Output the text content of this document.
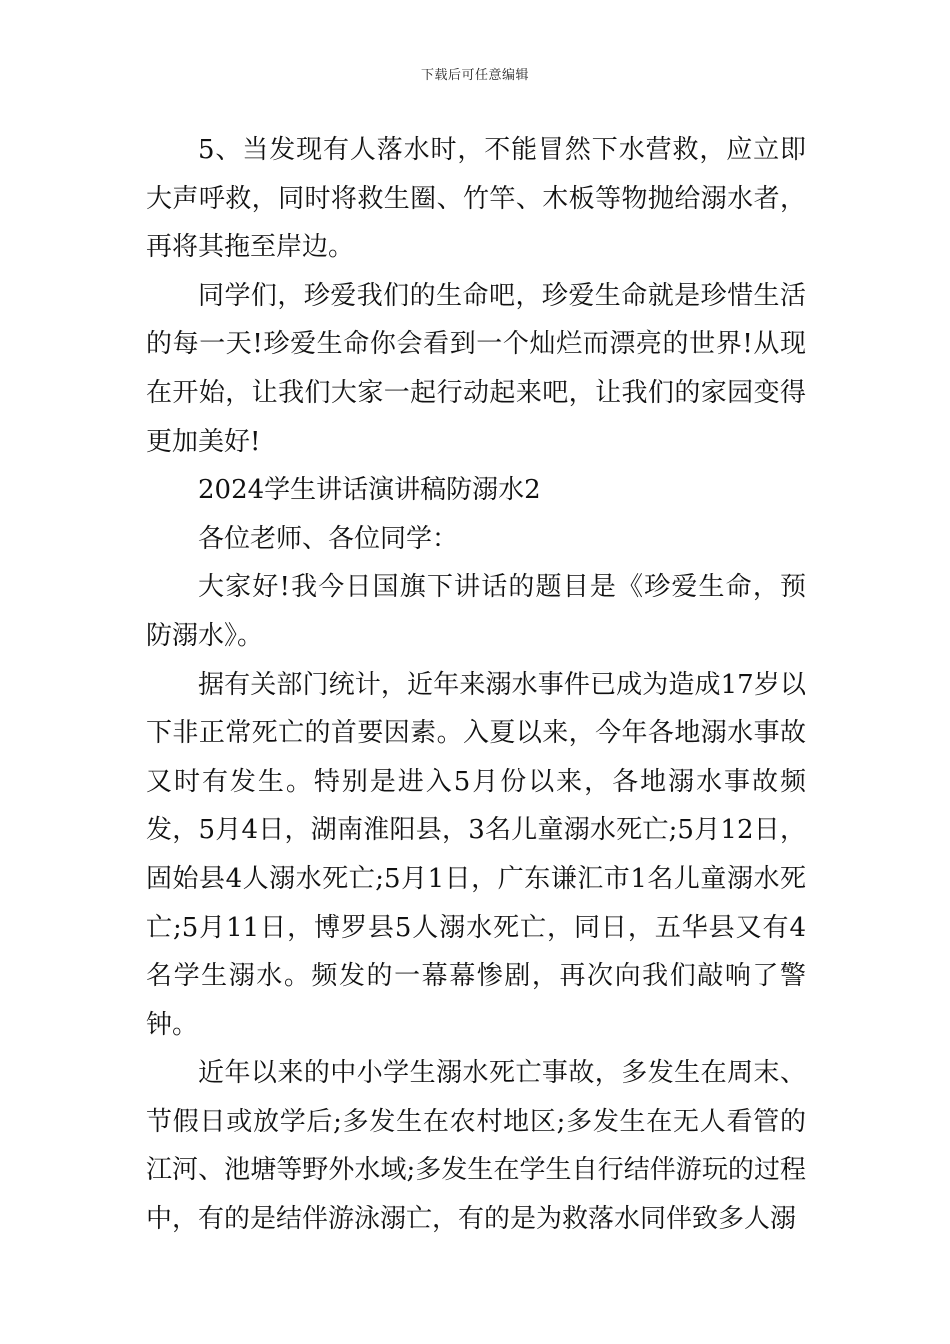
下载后可任意编辑

5、当发现有人落水时，不能冒然下水营救，应立即大声呼救，同时将救生圈、竹竿、木板等物抛给溺水者，再将其拖至岸边。

同学们，珍爱我们的生命吧，珍爱生命就是珍惜生活的每一天!珍爱生命你会看到一个灿烂而漂亮的世界!从现在开始，让我们大家一起行动起来吧，让我们的家园变得更加美好!

2024学生讲话演讲稿防溺水2

各位老师、各位同学：

大家好!我今日国旗下讲话的题目是《珍爱生命，预防溺水》。

据有关部门统计，近年来溺水事件已成为造成17岁以下非正常死亡的首要因素。入夏以来，今年各地溺水事故又时有发生。特别是进入5月份以来，各地溺水事故频发，5月4日，湖南淮阳县，3名儿童溺水死亡;5月12日，固始县4人溺水死亡;5月1日，广东谦汇市1名儿童溺水死亡;5月11日，博罗县5人溺水死亡，同日，五华县又有4名学生溺水。频发的一幕幕惨剧，再次向我们敲响了警钟。

近年以来的中小学生溺水死亡事故，多发生在周末、节假日或放学后;多发生在农村地区;多发生在无人看管的江河、池塘等野外水域;多发生在学生自行结伴游玩的过程中，有的是结伴游泳溺亡，有的是为救落水同伴致多人溺
